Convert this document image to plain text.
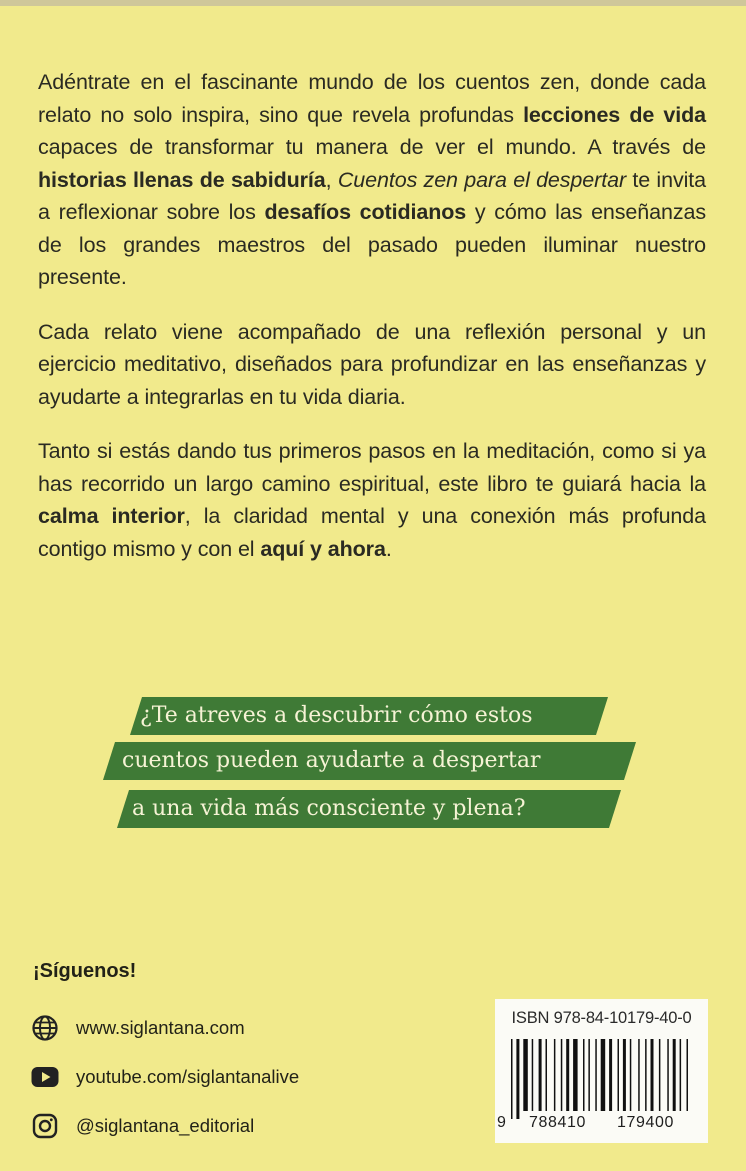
Adéntrate en el fascinante mundo de los cuentos zen, donde cada relato no solo inspira, sino que revela profundas lecciones de vida capaces de transformar tu manera de ver el mundo. A través de historias llenas de sabiduría, Cuentos zen para el despertar te invita a reflexionar sobre los desafíos cotidianos y cómo las enseñanzas de los grandes maestros del pasado pueden iluminar nuestro presente.

Cada relato viene acompañado de una reflexión personal y un ejercicio meditativo, diseñados para profundizar en las enseñanzas y ayudarte a integrarlas en tu vida diaria.

Tanto si estás dando tus primeros pasos en la meditación, como si ya has recorrido un largo camino espiritual, este libro te guiará hacia la calma interior, la claridad mental y una conexión más profunda contigo mismo y con el aquí y ahora.

¿Te atreves a descubrir cómo estos
cuentos pueden ayudarte a despertar
a una vida más consciente y plena?
¡Síguenos!
www.siglantana.com
youtube.com/siglantanalive
@siglantana_editorial
ISBN 978-84-10179-40-0
9 788410 179400
